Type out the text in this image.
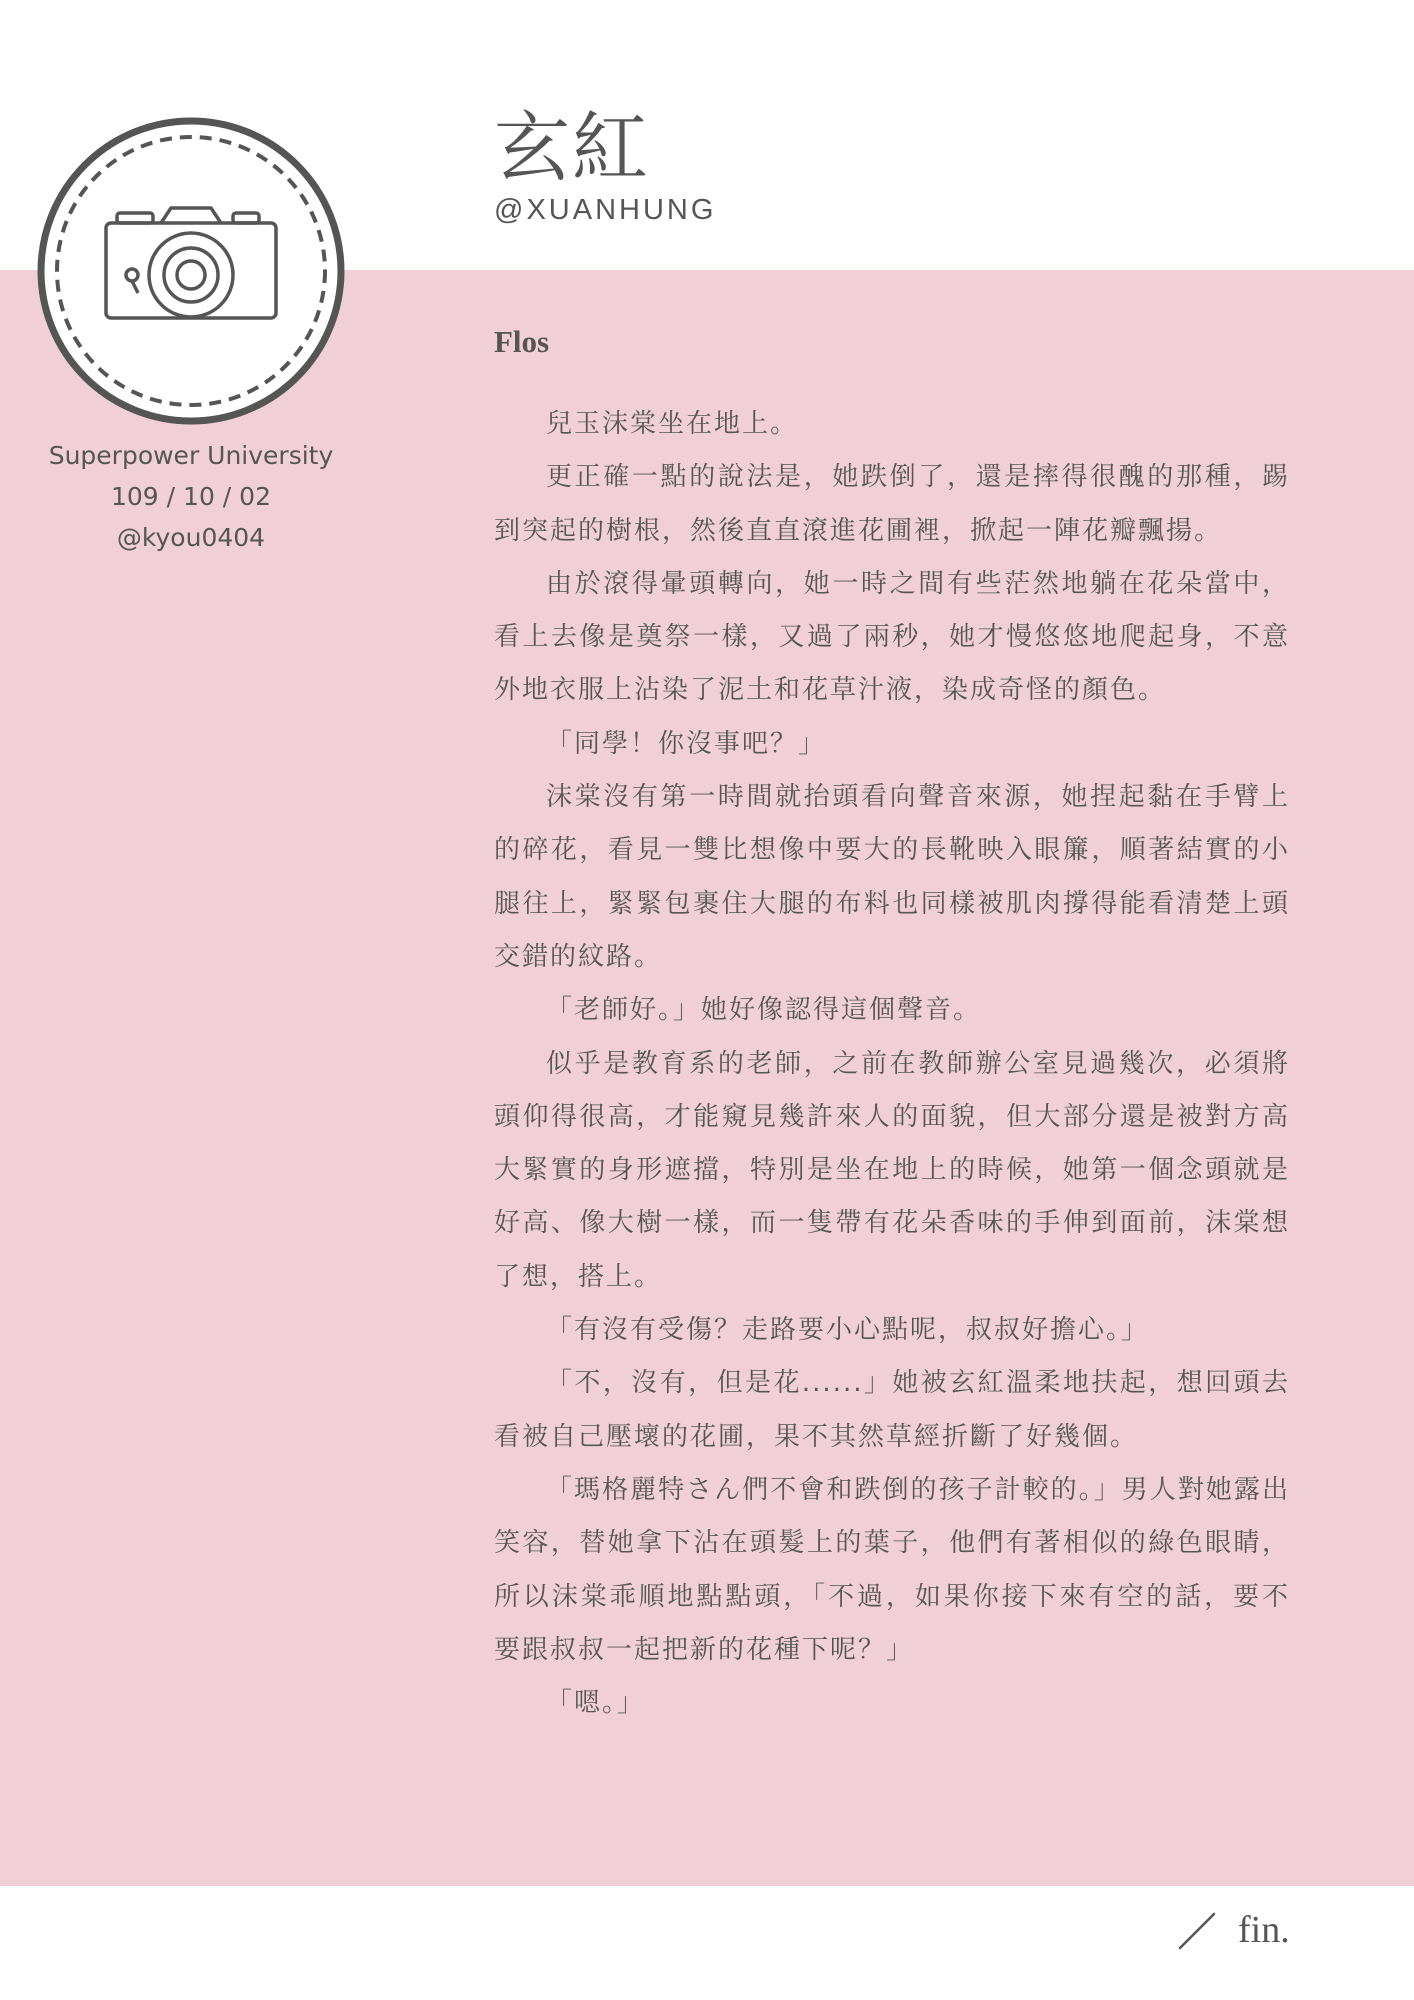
Superpower University
109 / 10 / 02
@kyou0404
玄紅
@XUANHUNG
Flos

兒玉沫棠坐在地上。

更正確一點的說法是，她跌倒了，還是摔得很醜的那種，踢到突起的樹根，然後直直滾進花圃裡，掀起一陣花瓣飄揚。

由於滾得暈頭轉向，她一時之間有些茫然地躺在花朵當中，看上去像是奠祭一樣，又過了兩秒，她才慢悠悠地爬起身，不意外地衣服上沾染了泥土和花草汁液，染成奇怪的顏色。

「同學！你沒事吧？」

沫棠沒有第一時間就抬頭看向聲音來源，她捏起黏在手臂上的碎花，看見一雙比想像中要大的長靴映入眼簾，順著結實的小腿往上，緊緊包裹住大腿的布料也同樣被肌肉撐得能看清楚上頭交錯的紋路。

「老師好。」她好像認得這個聲音。

似乎是教育系的老師，之前在教師辦公室見過幾次，必須將頭仰得很高，才能窺見幾許來人的面貌，但大部分還是被對方高大緊實的身形遮擋，特別是坐在地上的時候，她第一個念頭就是好高、像大樹一樣，而一隻帶有花朵香味的手伸到面前，沫棠想了想，搭上。

「有沒有受傷？走路要小心點呢，叔叔好擔心。」

「不，沒有，但是花......」她被玄紅溫柔地扶起，想回頭去看被自己壓壞的花圃，果不其然草經折斷了好幾個。

「瑪格麗特さん們不會和跌倒的孩子計較的。」男人對她露出笑容，替她拿下沾在頭髮上的葉子，他們有著相似的綠色眼睛，所以沫棠乖順地點點頭，「不過，如果你接下來有空的話，要不要跟叔叔一起把新的花種下呢？」

「嗯。」

fin.
